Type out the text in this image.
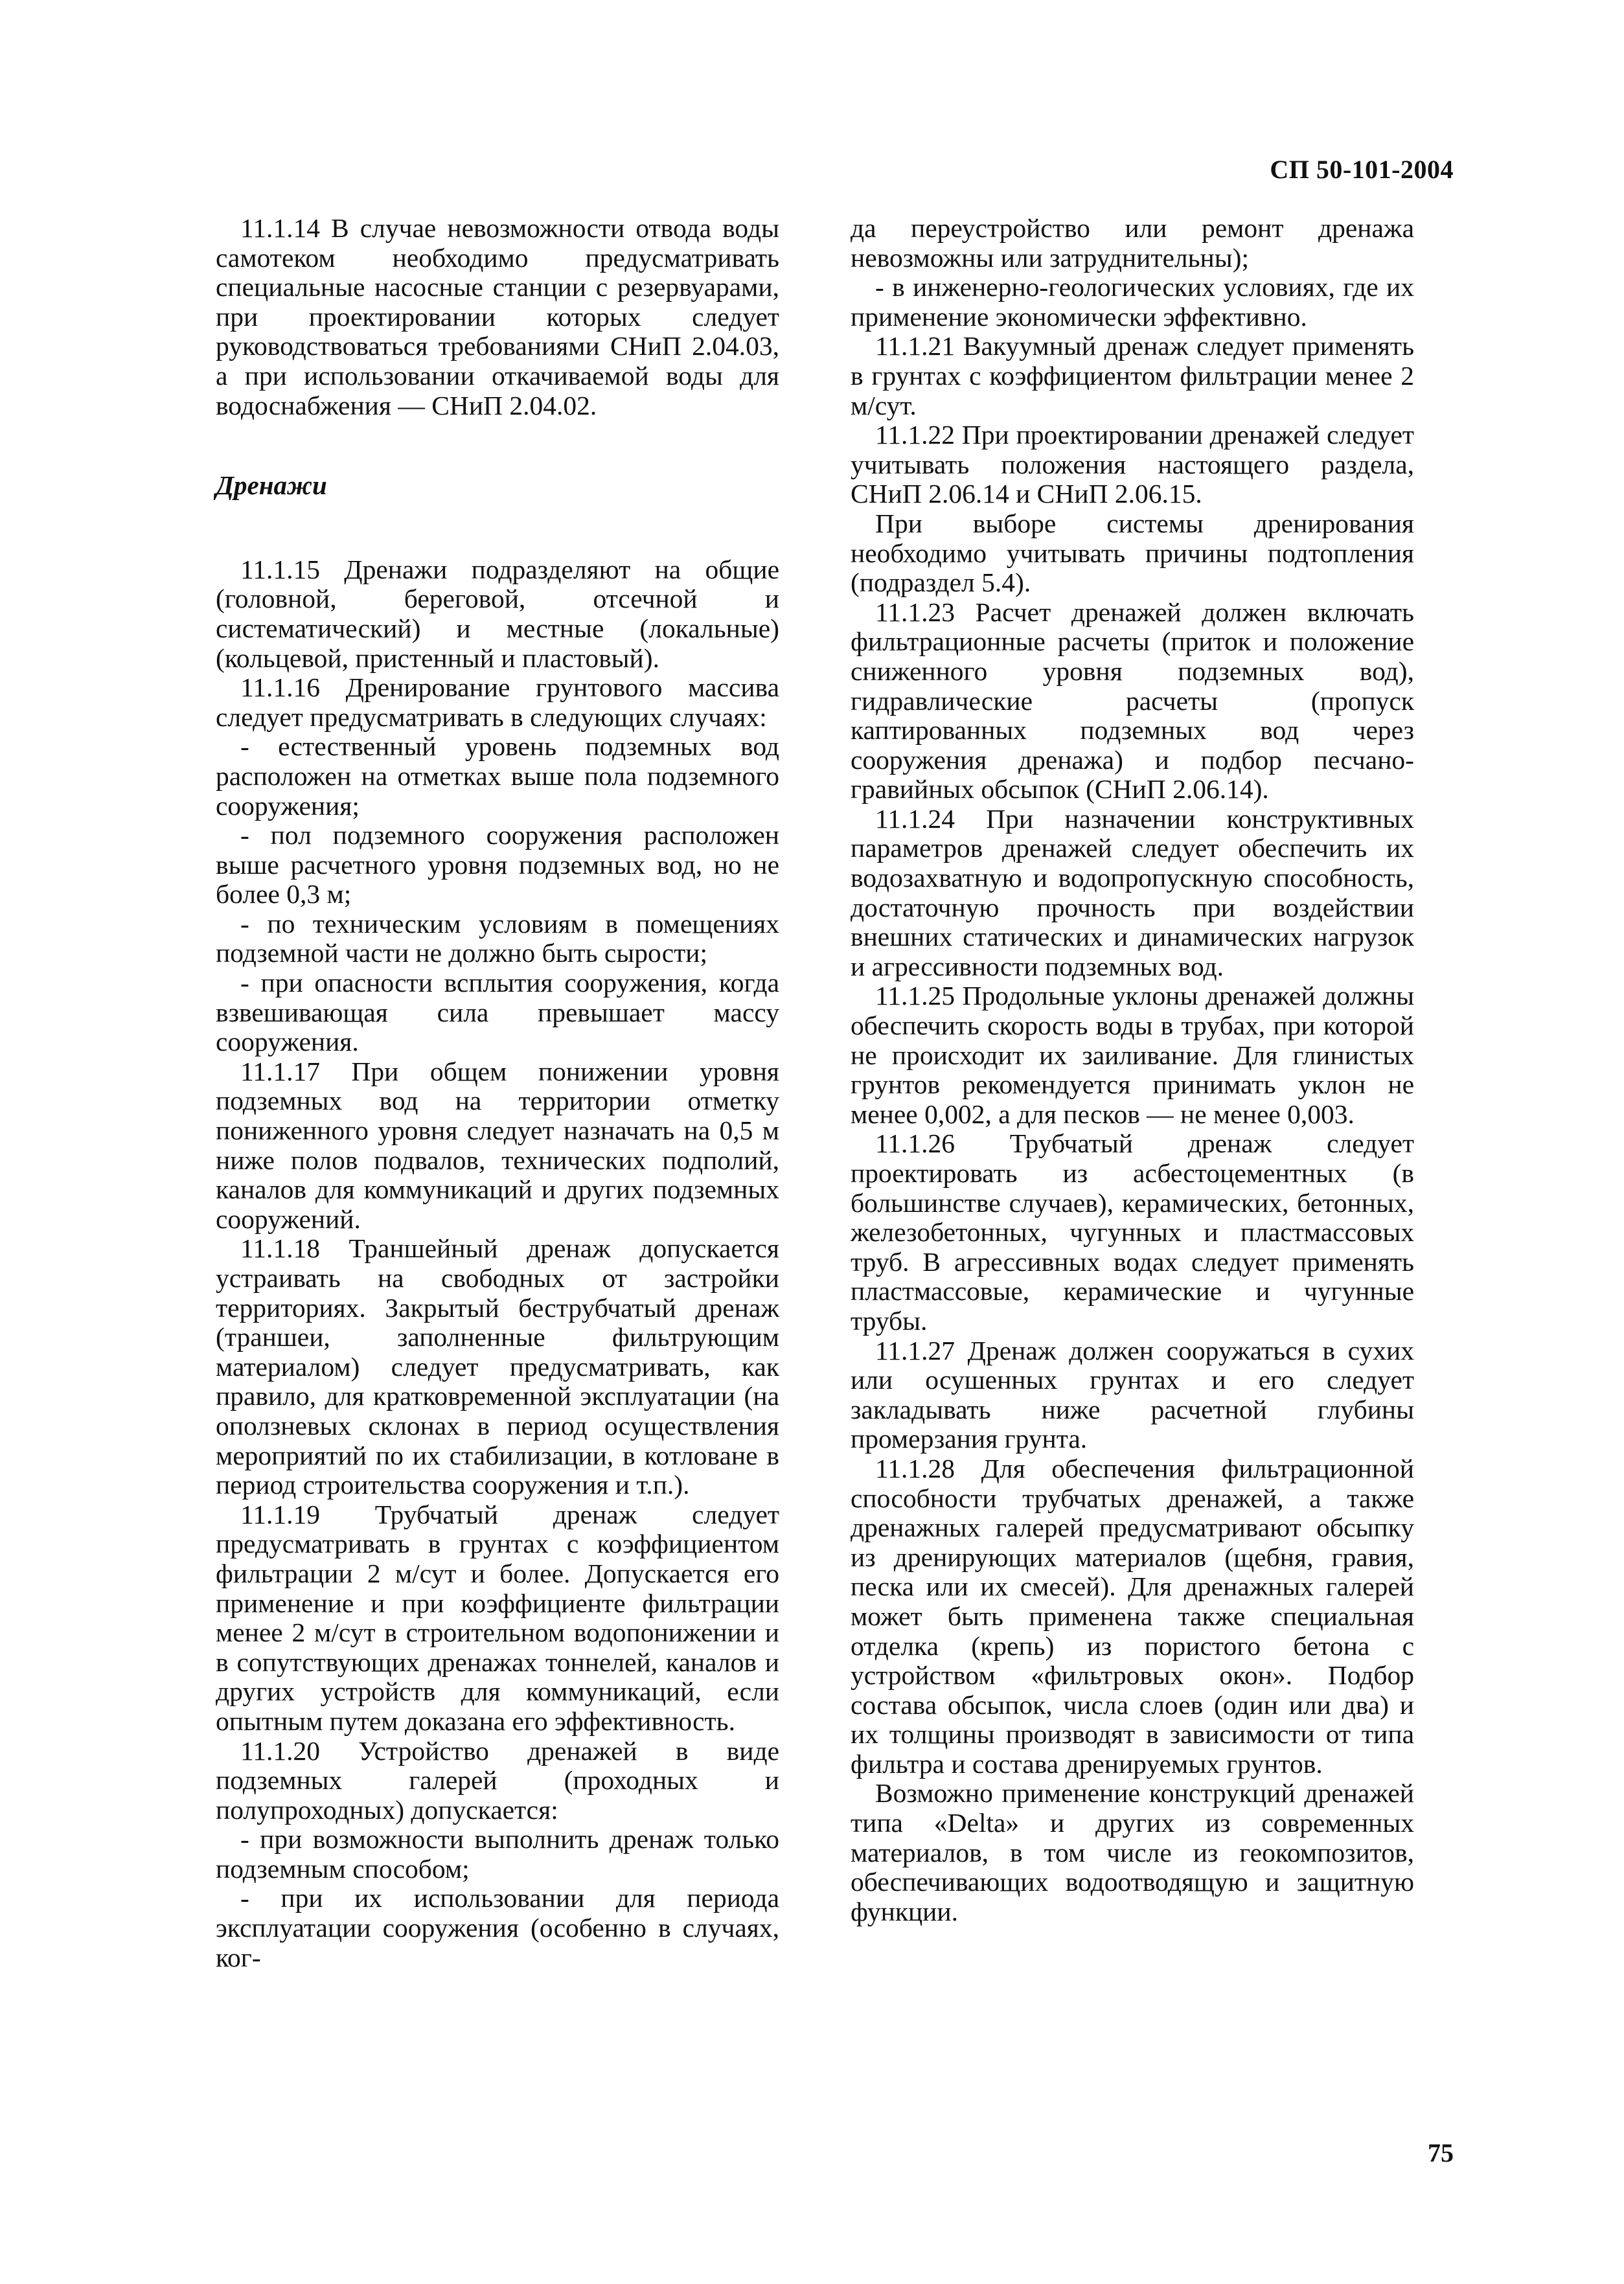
СП 50-101-2004

11.1.14 В случае невозможности отвода воды самотеком необходимо предусматривать специальные насосные станции с резервуарами, при проектировании которых следует руководствоваться требованиями СНиП 2.04.03, а при использовании откачиваемой воды для водоснабжения — СНиП 2.04.02.

Дренажи

11.1.15 Дренажи подразделяют на общие (головной, береговой, отсечной и систематический) и местные (локальные) (кольцевой, пристенный и пластовый).

11.1.16 Дренирование грунтового массива следует предусматривать в следующих случаях:

- естественный уровень подземных вод расположен на отметках выше пола подземного сооружения;

- пол подземного сооружения расположен выше расчетного уровня подземных вод, но не более 0,3 м;

- по техническим условиям в помещениях подземной части не должно быть сырости;

- при опасности всплытия сооружения, когда взвешивающая сила превышает массу сооружения.

11.1.17 При общем понижении уровня подземных вод на территории отметку пониженного уровня следует назначать на 0,5 м ниже полов подвалов, технических подполий, каналов для коммуникаций и других подземных сооружений.

11.1.18 Траншейный дренаж допускается устраивать на свободных от застройки территориях. Закрытый беструбчатый дренаж (траншеи, заполненные фильтрующим материалом) следует предусматривать, как правило, для кратковременной эксплуатации (на оползневых склонах в период осуществления мероприятий по их стабилизации, в котловане в период строительства сооружения и т.п.).

11.1.19 Трубчатый дренаж следует предусматривать в грунтах с коэффициентом фильтрации 2 м/сут и более. Допускается его применение и при коэффициенте фильтрации менее 2 м/сут в строительном водопонижении и в сопутствующих дренажах тоннелей, каналов и других устройств для коммуникаций, если опытным путем доказана его эффективность.

11.1.20 Устройство дренажей в виде подземных галерей (проходных и полупроходных) допускается:

- при возможности выполнить дренаж только подземным способом;

- при их использовании для периода эксплуатации сооружения (особенно в случаях, ког-

да переустройство или ремонт дренажа невозможны или затруднительны);

- в инженерно-геологических условиях, где их применение экономически эффективно.

11.1.21 Вакуумный дренаж следует применять в грунтах с коэффициентом фильтрации менее 2 м/сут.

11.1.22 При проектировании дренажей следует учитывать положения настоящего раздела, СНиП 2.06.14 и СНиП 2.06.15.

При выборе системы дренирования необходимо учитывать причины подтопления (подраздел 5.4).

11.1.23 Расчет дренажей должен включать фильтрационные расчеты (приток и положение сниженного уровня подземных вод), гидравлические расчеты (пропуск каптированных подземных вод через сооружения дренажа) и подбор песчано-гравийных обсыпок (СНиП 2.06.14).

11.1.24 При назначении конструктивных параметров дренажей следует обеспечить их водозахватную и водопропускную способность, достаточную прочность при воздействии внешних статических и динамических нагрузок и агрессивности подземных вод.

11.1.25 Продольные уклоны дренажей должны обеспечить скорость воды в трубах, при которой не происходит их заиливание. Для глинистых грунтов рекомендуется принимать уклон не менее 0,002, а для песков — не менее 0,003.

11.1.26 Трубчатый дренаж следует проектировать из асбестоцементных (в большинстве случаев), керамических, бетонных, железобетонных, чугунных и пластмассовых труб. В агрессивных водах следует применять пластмассовые, керамические и чугунные трубы.

11.1.27 Дренаж должен сооружаться в сухих или осушенных грунтах и его следует закладывать ниже расчетной глубины промерзания грунта.

11.1.28 Для обеспечения фильтрационной способности трубчатых дренажей, а также дренажных галерей предусматривают обсыпку из дренирующих материалов (щебня, гравия, песка или их смесей). Для дренажных галерей может быть применена также специальная отделка (крепь) из пористого бетона с устройством «фильтровых окон». Подбор состава обсыпок, числа слоев (один или два) и их толщины производят в зависимости от типа фильтра и состава дренируемых грунтов.

Возможно применение конструкций дренажей типа «Delta» и других из современных материалов, в том числе из геокомпозитов, обеспечивающих водоотводящую и защитную функции.

75
